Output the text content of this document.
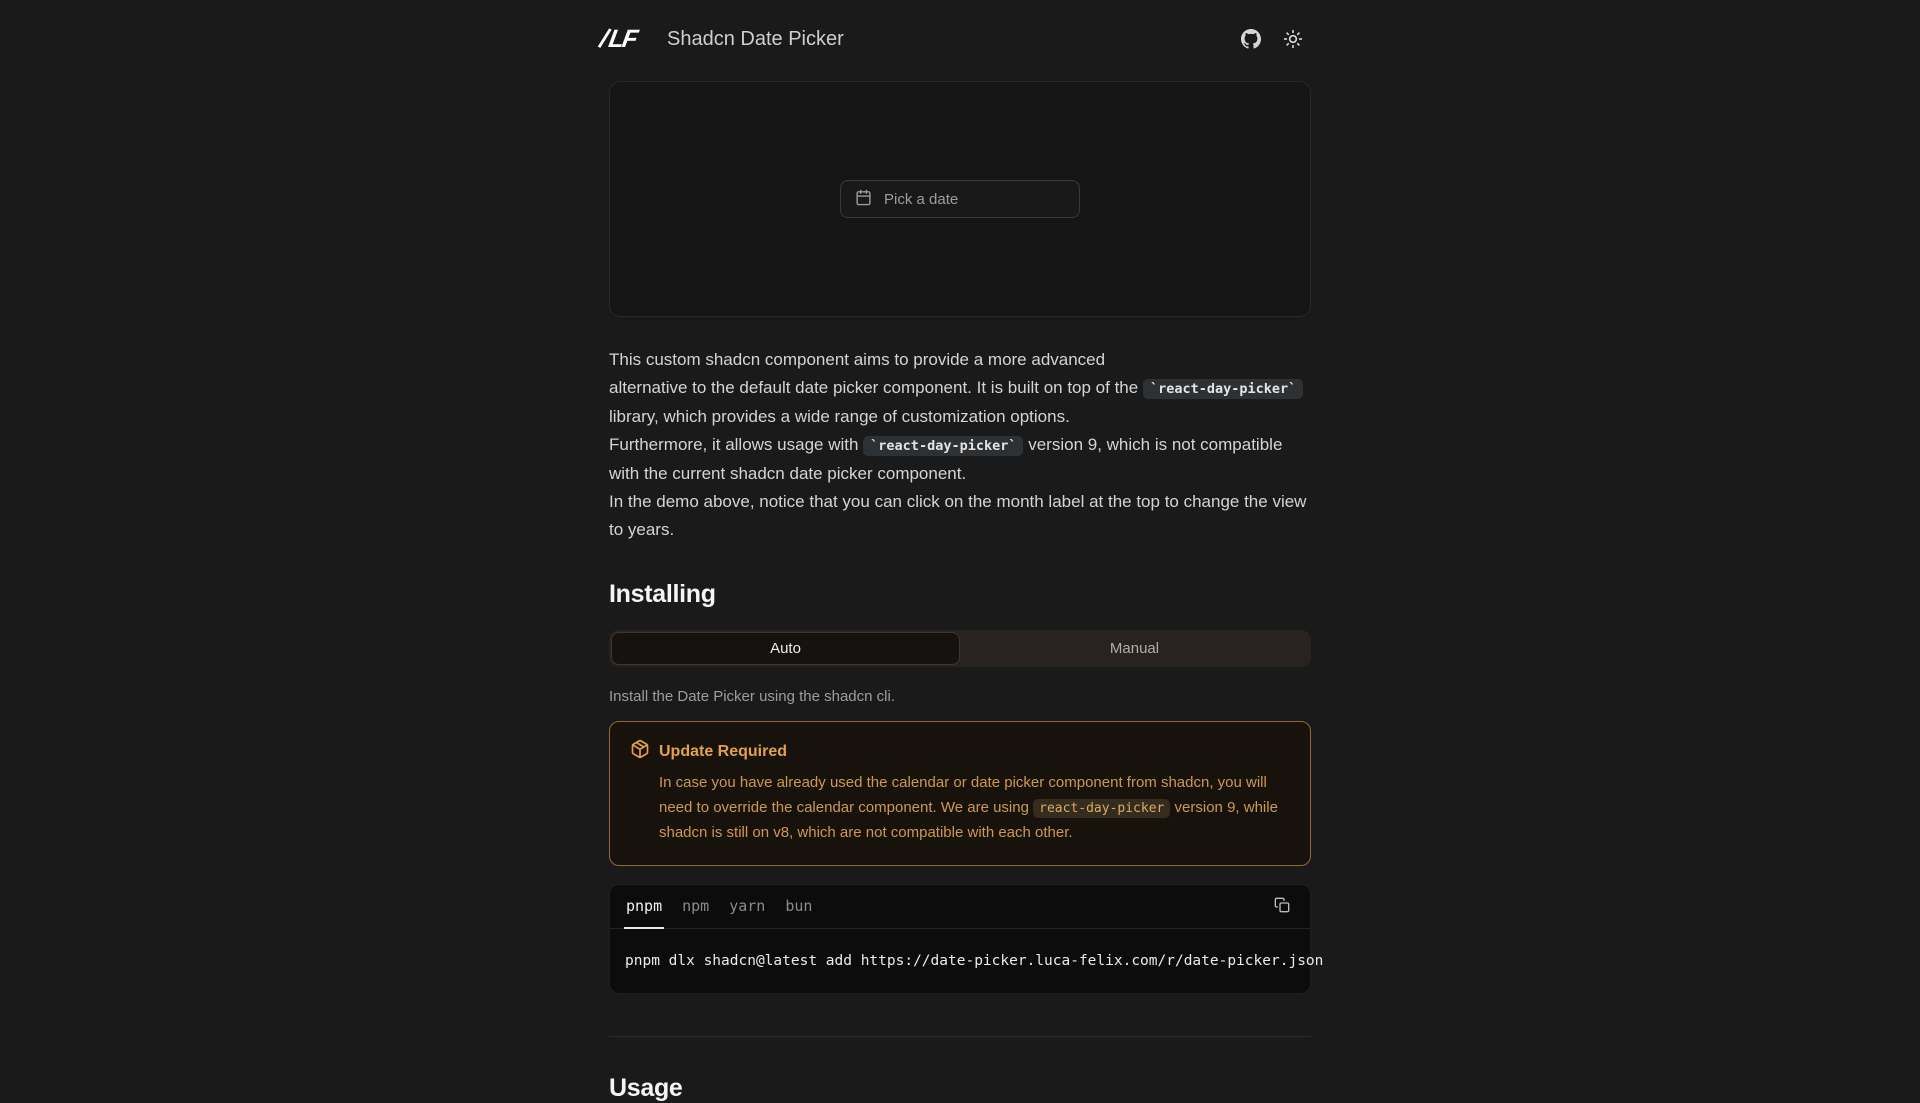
LF Shadcn Date Picker
Pick a date

This custom shadcn component aims to provide a more advanced
alternative to the default date picker component. It is built on top of the `react-day-picker` library, which provides a wide range of customization options.
Furthermore, it allows usage with `react-day-picker` version 9, which is not compatible with the current shadcn date picker component.
In the demo above, notice that you can click on the month label at the top to change the view to years.

Installing
Auto	Manual
Install the Date Picker using the shadcn cli.
Update Required
In case you have already used the calendar or date picker component from shadcn, you will need to override the calendar component. We are using react-day-picker version 9, while shadcn is still on v8, which are not compatible with each other.
pnpm npm yarn bun
pnpm dlx shadcn@latest add https://date-picker.luca-felix.com/r/date-picker.json
Usage
